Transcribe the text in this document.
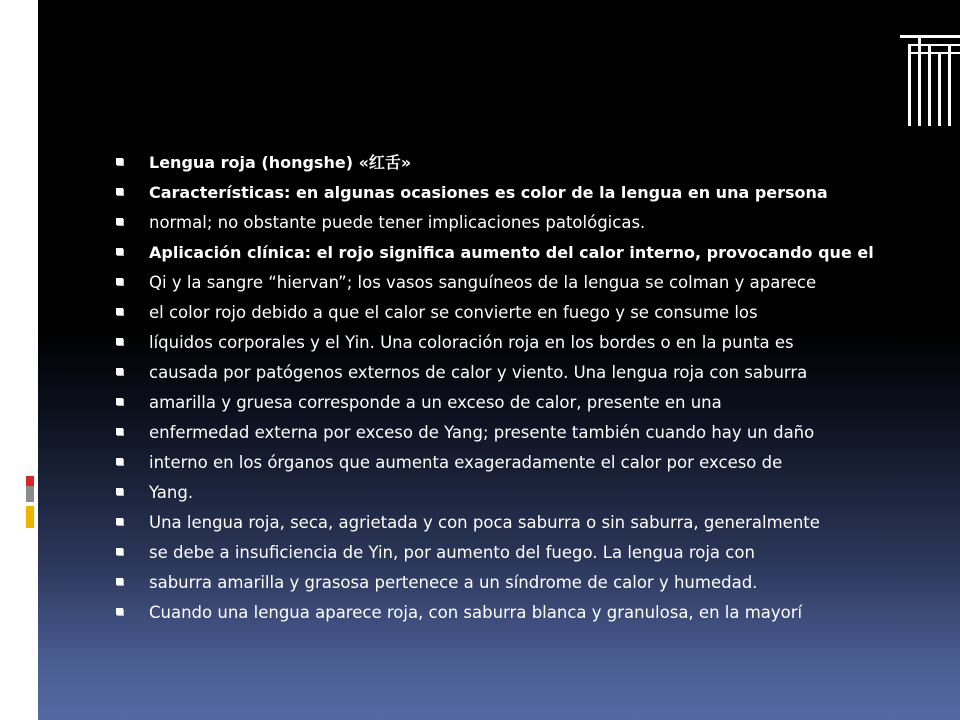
Lengua roja (hongshe) «红舌»
Características: en algunas ocasiones es color de la lengua en una persona
normal; no obstante puede tener implicaciones patológicas.
Aplicación clínica: el rojo significa aumento del calor interno, provocando que el
Qi y la sangre “hiervan”; los vasos sanguíneos de la lengua se colman y aparece
el color rojo debido a que el calor se convierte en fuego y se consume los
líquidos corporales y el Yin. Una coloración roja en los bordes o en la punta es
causada por patógenos externos de calor y viento. Una lengua roja con saburra
amarilla y gruesa corresponde a un exceso de calor, presente en una
enfermedad externa por exceso de Yang; presente también cuando hay un daño
interno en los órganos que aumenta exageradamente el calor por exceso de
Yang.
Una lengua roja, seca, agrietada y con poca saburra o sin saburra, generalmente
se debe a insuficiencia de Yin, por aumento del fuego. La lengua roja con
saburra amarilla y grasosa pertenece a un síndrome de calor y humedad.
Cuando una lengua aparece roja, con saburra blanca y granulosa, en la mayorí
